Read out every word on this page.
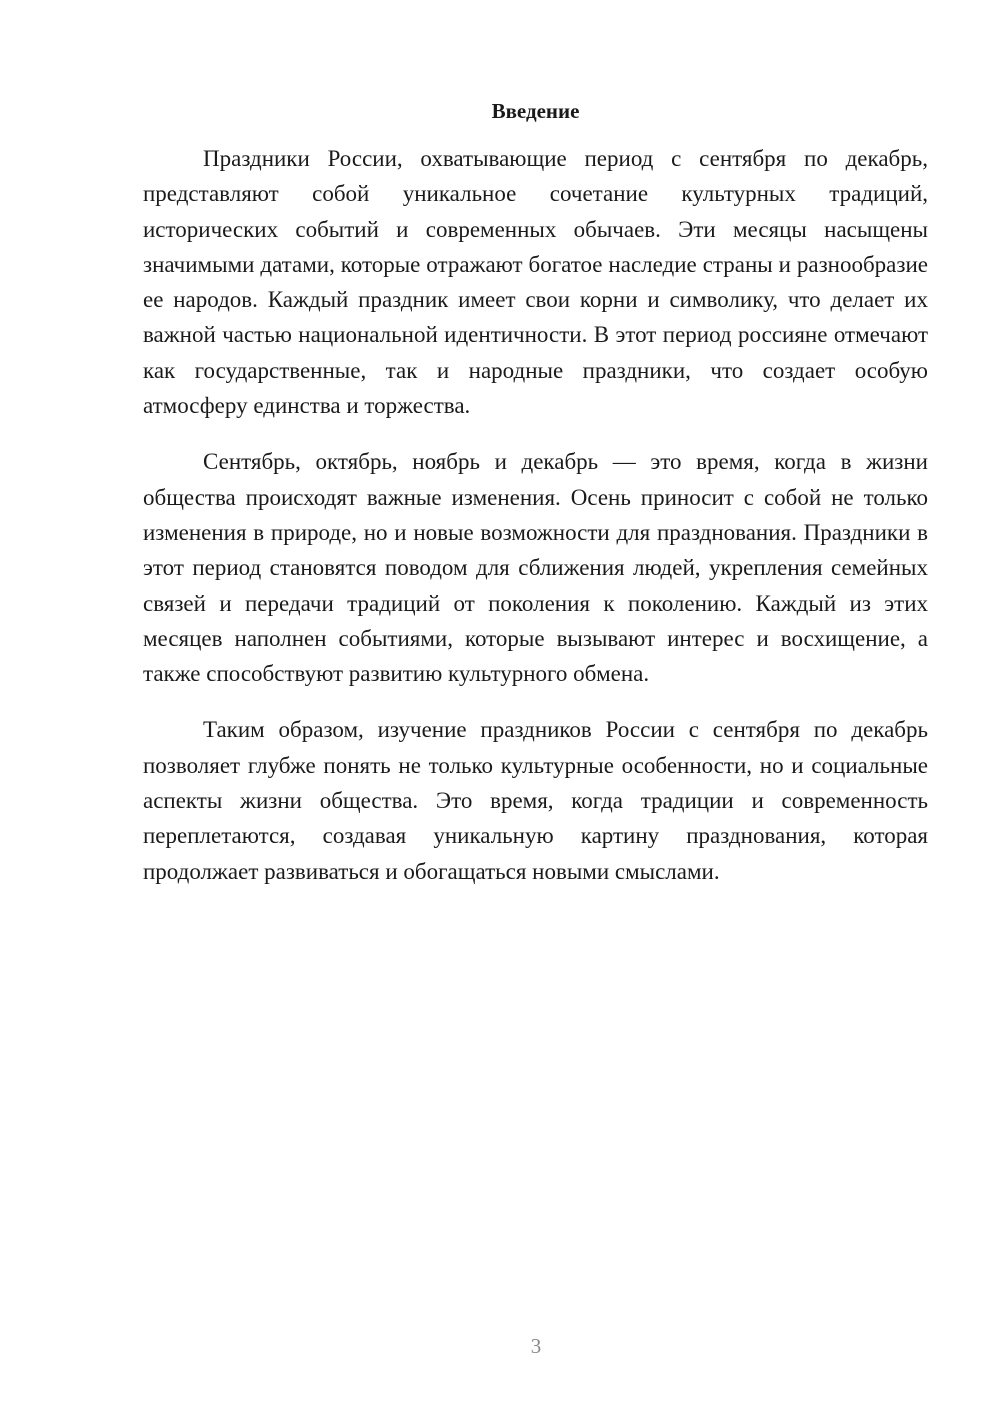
Введение

Праздники России, охватывающие период с сентября по декабрь, представляют собой уникальное сочетание культурных традиций, исторических событий и современных обычаев. Эти месяцы насыщены значимыми датами, которые отражают богатое наследие страны и разнообразие ее народов. Каждый праздник имеет свои корни и символику, что делает их важной частью национальной идентичности. В этот период россияне отмечают как государственные, так и народные праздники, что создает особую атмосферу единства и торжества.

Сентябрь, октябрь, ноябрь и декабрь — это время, когда в жизни общества происходят важные изменения. Осень приносит с собой не только изменения в природе, но и новые возможности для празднования. Праздники в этот период становятся поводом для сближения людей, укрепления семейных связей и передачи традиций от поколения к поколению. Каждый из этих месяцев наполнен событиями, которые вызывают интерес и восхищение, а также способствуют развитию культурного обмена.

Таким образом, изучение праздников России с сентября по декабрь позволяет глубже понять не только культурные особенности, но и социальные аспекты жизни общества. Это время, когда традиции и современность переплетаются, создавая уникальную картину празднования, которая продолжает развиваться и обогащаться новыми смыслами.

3
